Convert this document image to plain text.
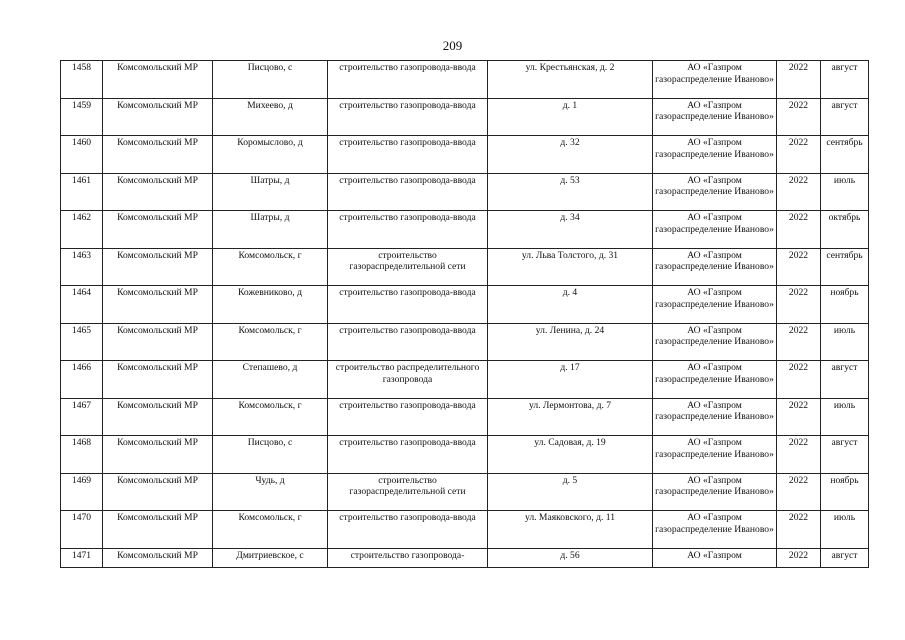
209
1458	Комсомольский МР	Писцово, с	строительство газопровода-ввода	ул. Крестьянская, д. 2	АО «Газпром газораспределение Иваново»	2022	август
1459	Комсомольский МР	Михеево, д	строительство газопровода-ввода	д. 1	АО «Газпром газораспределение Иваново»	2022	август
1460	Комсомольский МР	Коромыслово, д	строительство газопровода-ввода	д. 32	АО «Газпром газораспределение Иваново»	2022	сентябрь
1461	Комсомольский МР	Шатры, д	строительство газопровода-ввода	д. 53	АО «Газпром газораспределение Иваново»	2022	июль
1462	Комсомольский МР	Шатры, д	строительство газопровода-ввода	д. 34	АО «Газпром газораспределение Иваново»	2022	октябрь
1463	Комсомольский МР	Комсомольск, г	строительство газораспределительной сети	ул. Льва Толстого, д. 31	АО «Газпром газораспределение Иваново»	2022	сентябрь
1464	Комсомольский МР	Кожевниково, д	строительство газопровода-ввода	д. 4	АО «Газпром газораспределение Иваново»	2022	ноябрь
1465	Комсомольский МР	Комсомольск, г	строительство газопровода-ввода	ул. Ленина, д. 24	АО «Газпром газораспределение Иваново»	2022	июль
1466	Комсомольский МР	Степашево, д	строительство распределительного газопровода	д. 17	АО «Газпром газораспределение Иваново»	2022	август
1467	Комсомольский МР	Комсомольск, г	строительство газопровода-ввода	ул. Лермонтова, д. 7	АО «Газпром газораспределение Иваново»	2022	июль
1468	Комсомольский МР	Писцово, с	строительство газопровода-ввода	ул. Садовая, д. 19	АО «Газпром газораспределение Иваново»	2022	август
1469	Комсомольский МР	Чудь, д	строительство газораспределительной сети	д. 5	АО «Газпром газораспределение Иваново»	2022	ноябрь
1470	Комсомольский МР	Комсомольск, г	строительство газопровода-ввода	ул. Маяковского, д. 11	АО «Газпром газораспределение Иваново»	2022	июль
1471	Комсомольский МР	Дмитриевское, с	строительство газопровода-	д. 56	АО «Газпром	2022	август
